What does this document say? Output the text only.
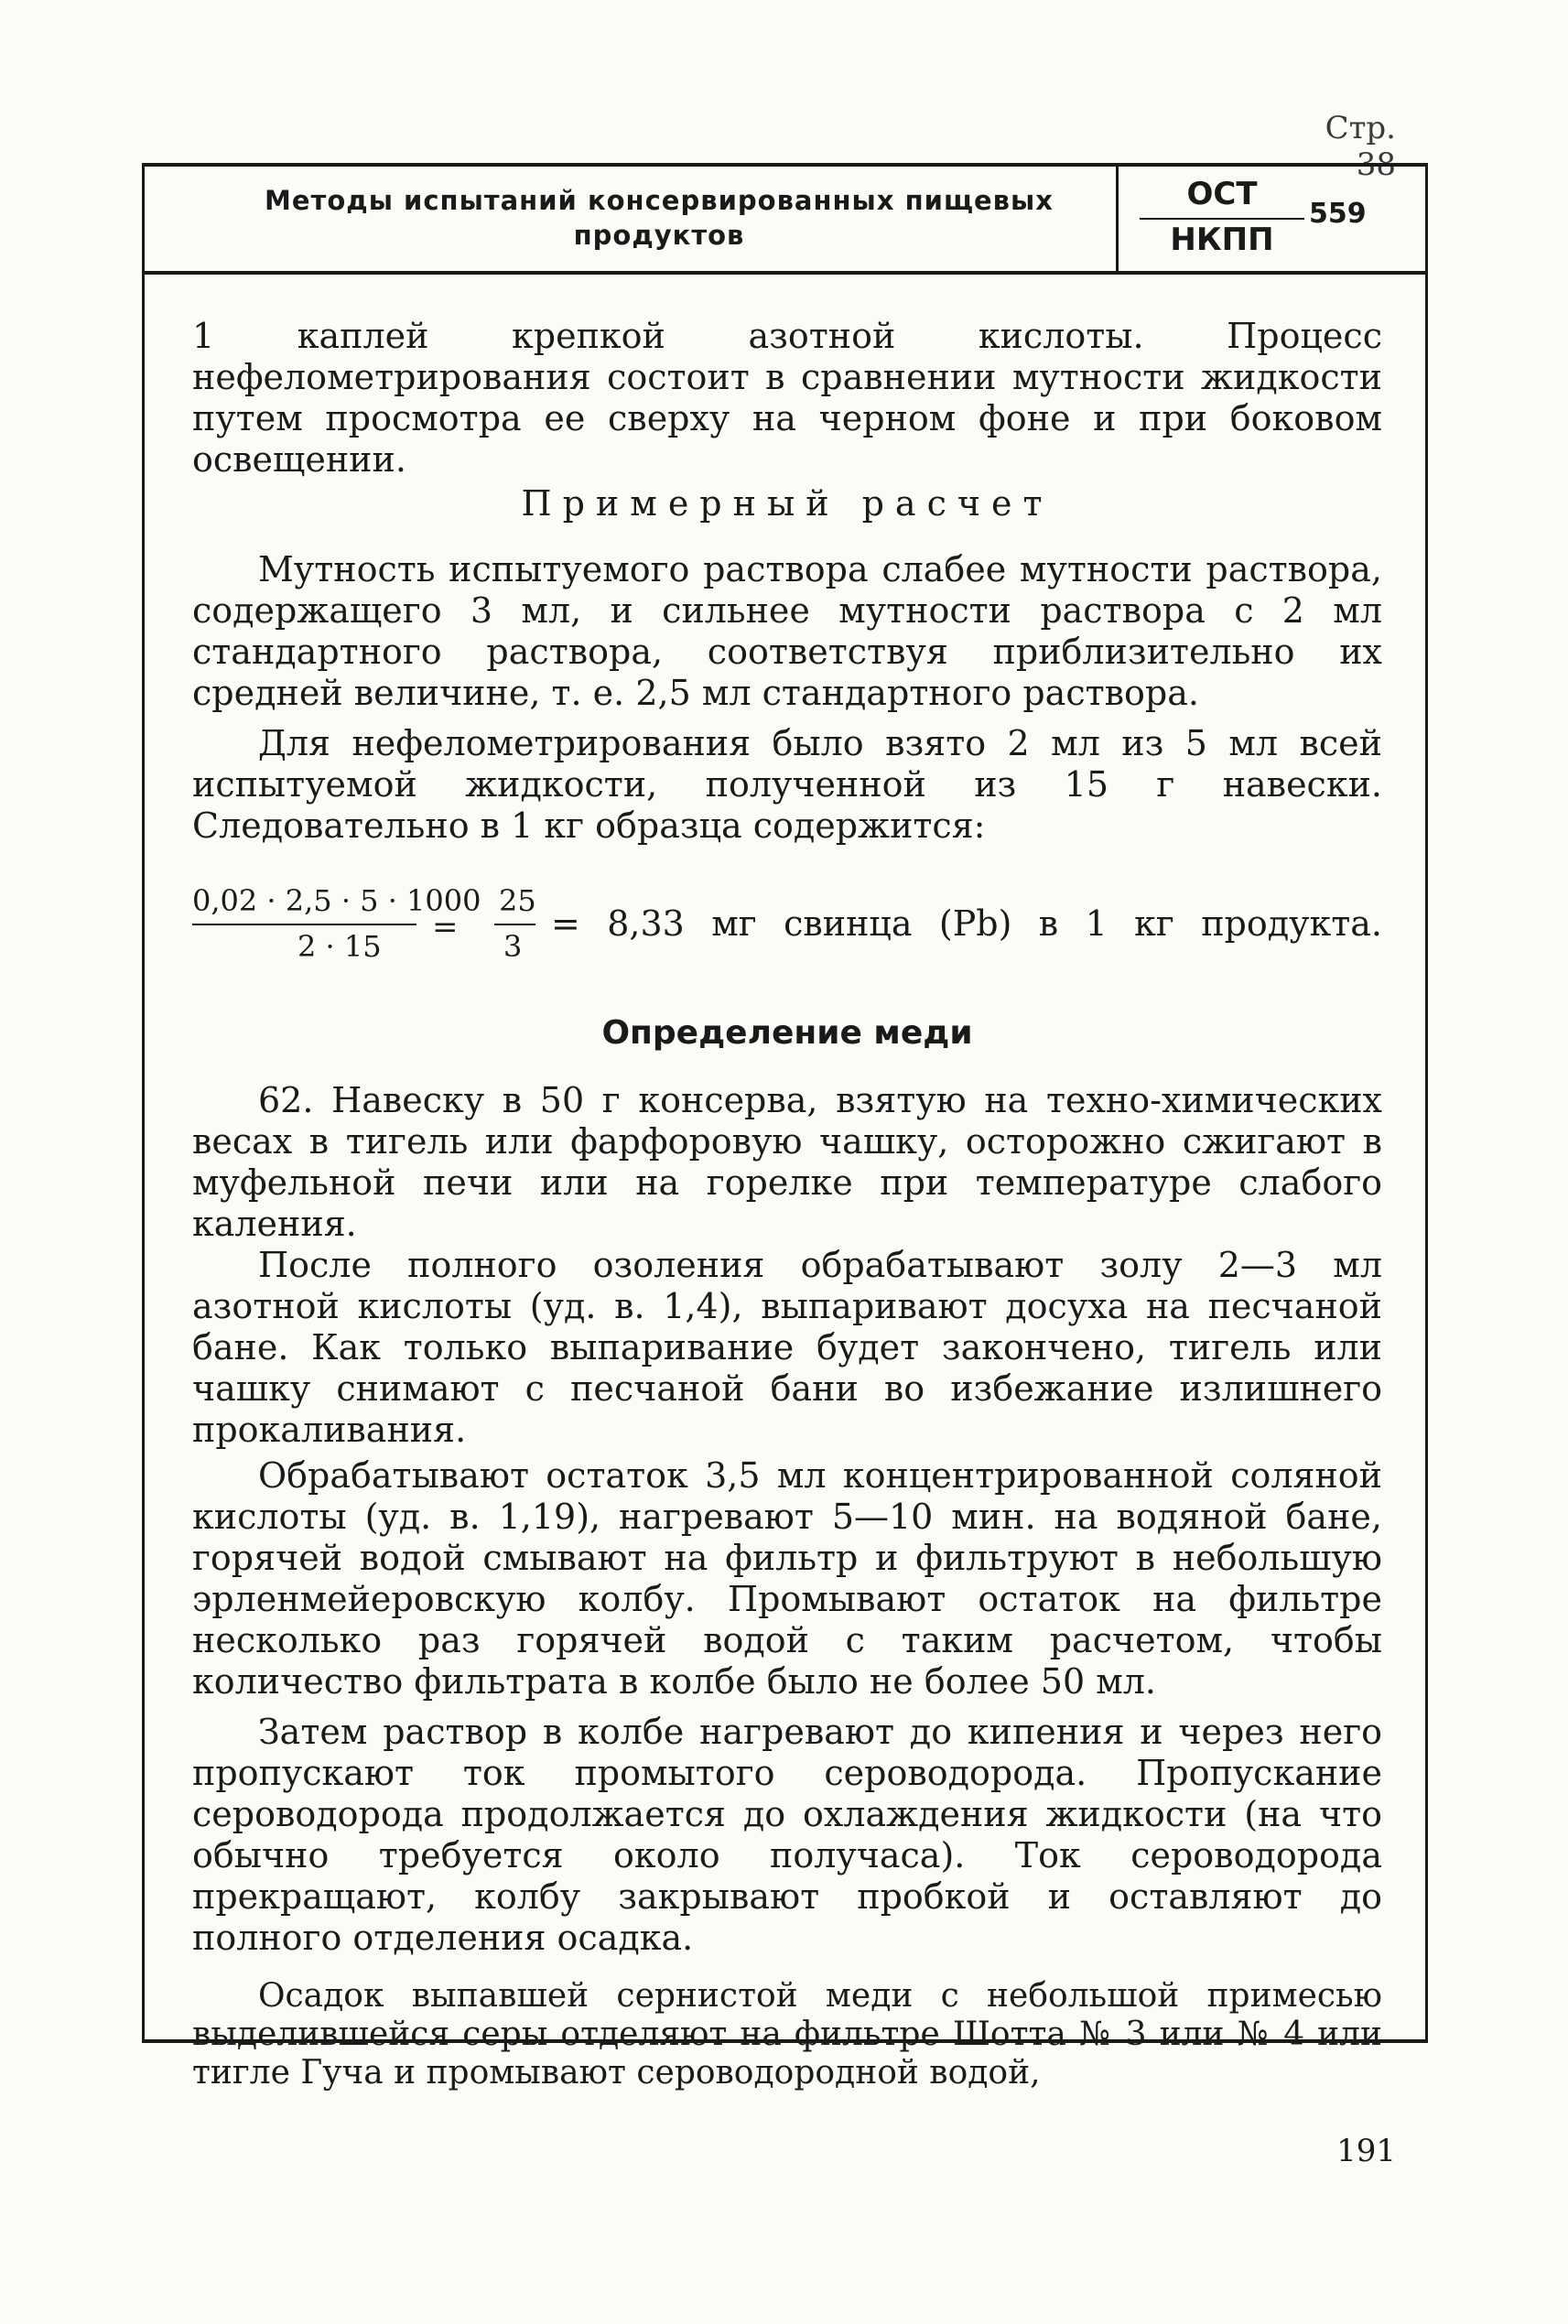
Стр. 38
Методы испытаний консервированных пищевых
продуктов
ОСТ
НКПП
559

1 каплей крепкой азотной кислоты. Процесс нефелометрирования состоит в сравнении мутности жидкости путем просмотра ее сверху на черном фоне и при боковом освещении.

Примерный расчет

Мутность испытуемого раствора слабее мутности раствора, содержащего 3 мл, и сильнее мутности раствора с 2 мл стандартного раствора, соответствуя приблизительно их средней величине, т. е. 2,5 мл стандартного раствора.

Для нефелометрирования было взято 2 мл из 5 мл всей испытуемой жидкости, полученной из 15 г навески. Следовательно в 1 кг образца содержится:

0,02 · 2,5 · 5 · 1000
2 · 15
=
25
3
= 8,33 мг свинца (Pb) в 1 кг продукта.
Определение меди

62. Навеску в 50 г консерва, взятую на техно-химических весах в тигель или фарфоровую чашку, осторожно сжигают в муфельной печи или на горелке при температуре слабого каления.

После полного озоления обрабатывают золу 2—3 мл азотной кислоты (уд. в. 1,4), выпаривают досуха на песчаной бане. Как только выпаривание будет закончено, тигель или чашку снимают с песчаной бани во избежание излишнего прокаливания.

Обрабатывают остаток 3,5 мл концентрированной соляной кислоты (уд. в. 1,19), нагревают 5—10 мин. на водяной бане, горячей водой смывают на фильтр и фильтруют в небольшую эрленмейеровскую колбу. Промывают остаток на фильтре несколько раз горячей водой с таким расчетом, чтобы количество фильтрата в колбе было не более 50 мл.

Затем раствор в колбе нагревают до кипения и через него пропускают ток промытого сероводорода. Пропускание сероводорода продолжается до охлаждения жидкости (на что обычно требуется около получаса). Ток сероводорода прекращают, колбу закрывают пробкой и оставляют до полного отделения осадка.

Осадок выпавшей сернистой меди с небольшой примесью выделившейся серы отделяют на фильтре Шотта № 3 или № 4 или тигле Гуча и промывают сероводородной водой,

191
